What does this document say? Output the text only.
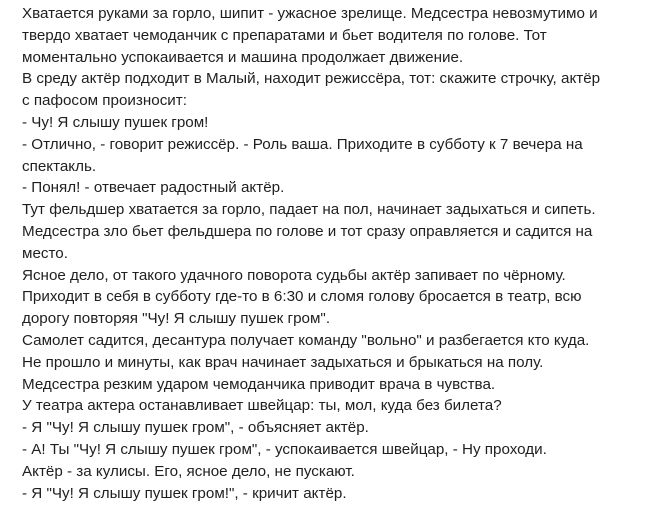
Хватается руками за горло, шипит - ужасное зрелище. Медсестра невозмутимо и
твердо хватает чемоданчик с препаратами и бьет водителя по голове. Тот
моментально успокаивается и машина продолжает движение.
В среду актёр подходит в Малый, находит режиссёра, тот: скажите строчку, актёр
с пафосом произносит:
- Чу! Я слышу пушек гром!
- Отлично, - говорит режиссёр. - Роль ваша. Приходите в субботу к 7 вечера на
спектакль.
- Понял! - отвечает радостный актёр.
Тут фельдшер хватается за горло, падает на пол, начинает задыхаться и сипеть.
Медсестра зло бьет фельдшера по голове и тот сразу оправляется и садится на
место.
Ясное дело, от такого удачного поворота судьбы актёр запивает по чёрному.
Приходит в себя в субботу где-то в 6:30 и сломя голову бросается в театр, всю
дорогу повторяя "Чу! Я слышу пушек гром".
Самолет садится, десантура получает команду "вольно" и разбегается кто куда.
Не прошло и минуты, как врач начинает задыхаться и брыкаться на полу.
Медсестра резким ударом чемоданчика приводит врача в чувства.
У театра актера останавливает швейцар: ты, мол, куда без билета?
- Я "Чу! Я слышу пушек гром", - объясняет актёр.
- А! Ты "Чу! Я слышу пушек гром", - успокаивается швейцар, - Ну проходи.
Актёр - за кулисы. Его, ясное дело, не пускают.
- Я "Чу! Я слышу пушек гром!", - кричит актёр.
